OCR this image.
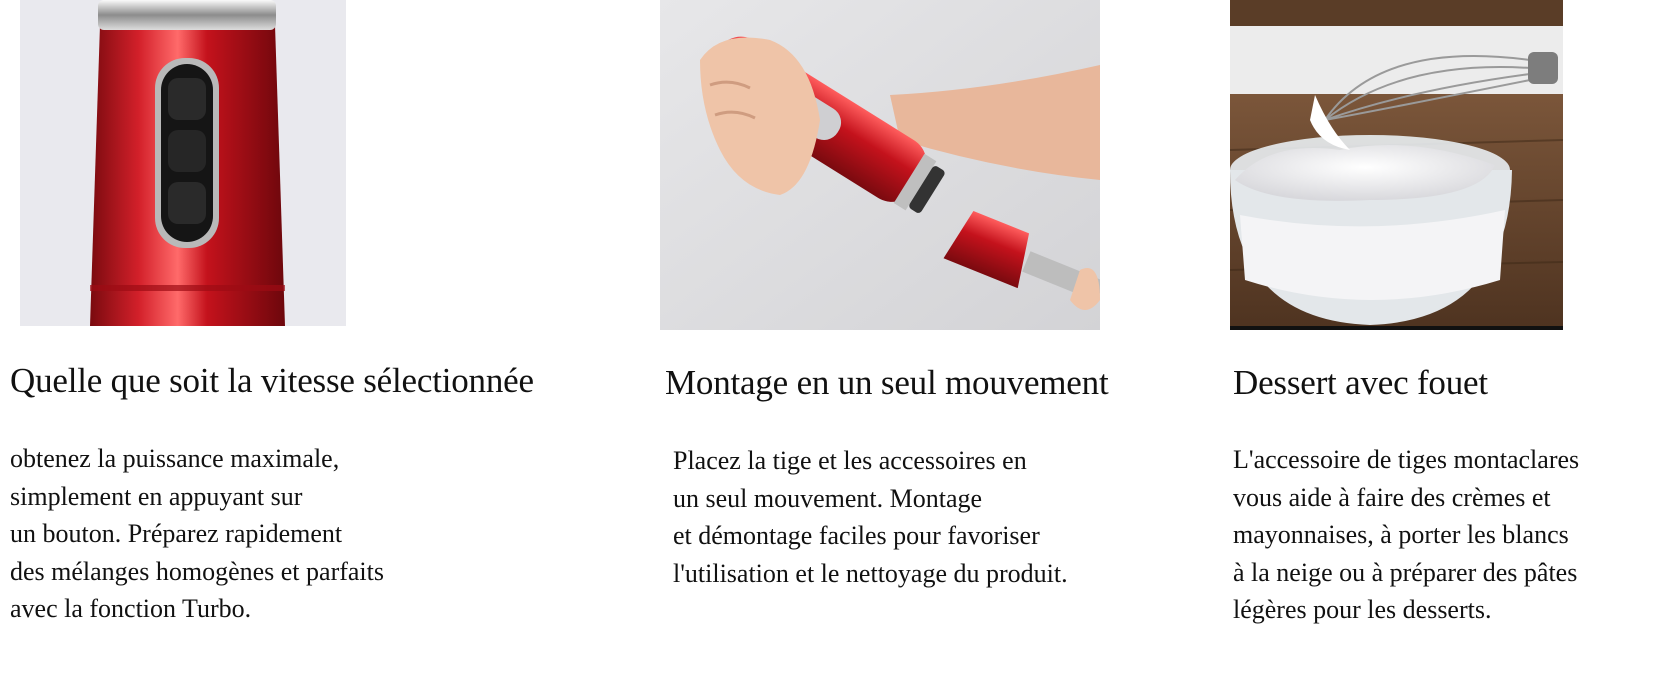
Quelle que soit la vitesse sélectionnée

obtenez la puissance maximale,
simplement en appuyant sur
un bouton. Préparez rapidement
des mélanges homogènes et parfaits
avec la fonction Turbo.

Montage en un seul mouvement

Placez la tige et les accessoires en
un seul mouvement. Montage
et démontage faciles pour favoriser
l'utilisation et le nettoyage du produit.

Dessert avec fouet

L'accessoire de tiges montaclares
vous aide à faire des crèmes et
mayonnaises, à porter les blancs
à la neige ou à préparer des pâtes
légères pour les desserts.
